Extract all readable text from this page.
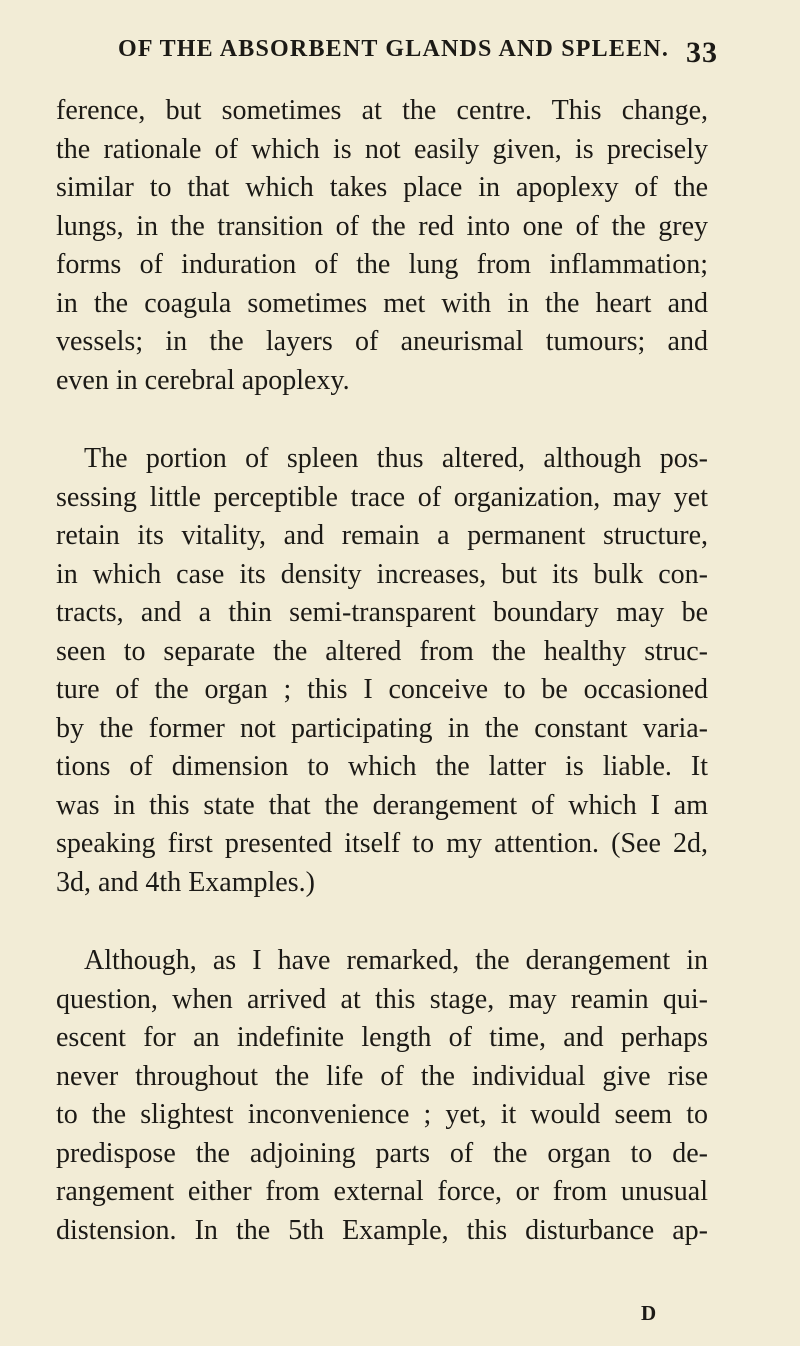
OF THE ABSORBENT GLANDS AND SPLEEN. 33
ference, but sometimes at the centre. This change,
the rationale of which is not easily given, is precisely
similar to that which takes place in apoplexy of the
lungs, in the transition of the red into one of the grey
forms of induration of the lung from inflammation;
in the coagula sometimes met with in the heart and
vessels; in the layers of aneurismal tumours; and
even in cerebral apoplexy.
The portion of spleen thus altered, although pos-
sessing little perceptible trace of organization, may yet
retain its vitality, and remain a permanent structure,
in which case its density increases, but its bulk con-
tracts, and a thin semi-transparent boundary may be
seen to separate the altered from the healthy struc-
ture of the organ ; this I conceive to be occasioned
by the former not participating in the constant varia-
tions of dimension to which the latter is liable. It
was in this state that the derangement of which I am
speaking first presented itself to my attention. (See 2d,
3d, and 4th Examples.)
Although, as I have remarked, the derangement in
question, when arrived at this stage, may reamin qui-
escent for an indefinite length of time, and perhaps
never throughout the life of the individual give rise
to the slightest inconvenience ; yet, it would seem to
predispose the adjoining parts of the organ to de-
rangement either from external force, or from unusual
distension. In the 5th Example, this disturbance ap-
D
